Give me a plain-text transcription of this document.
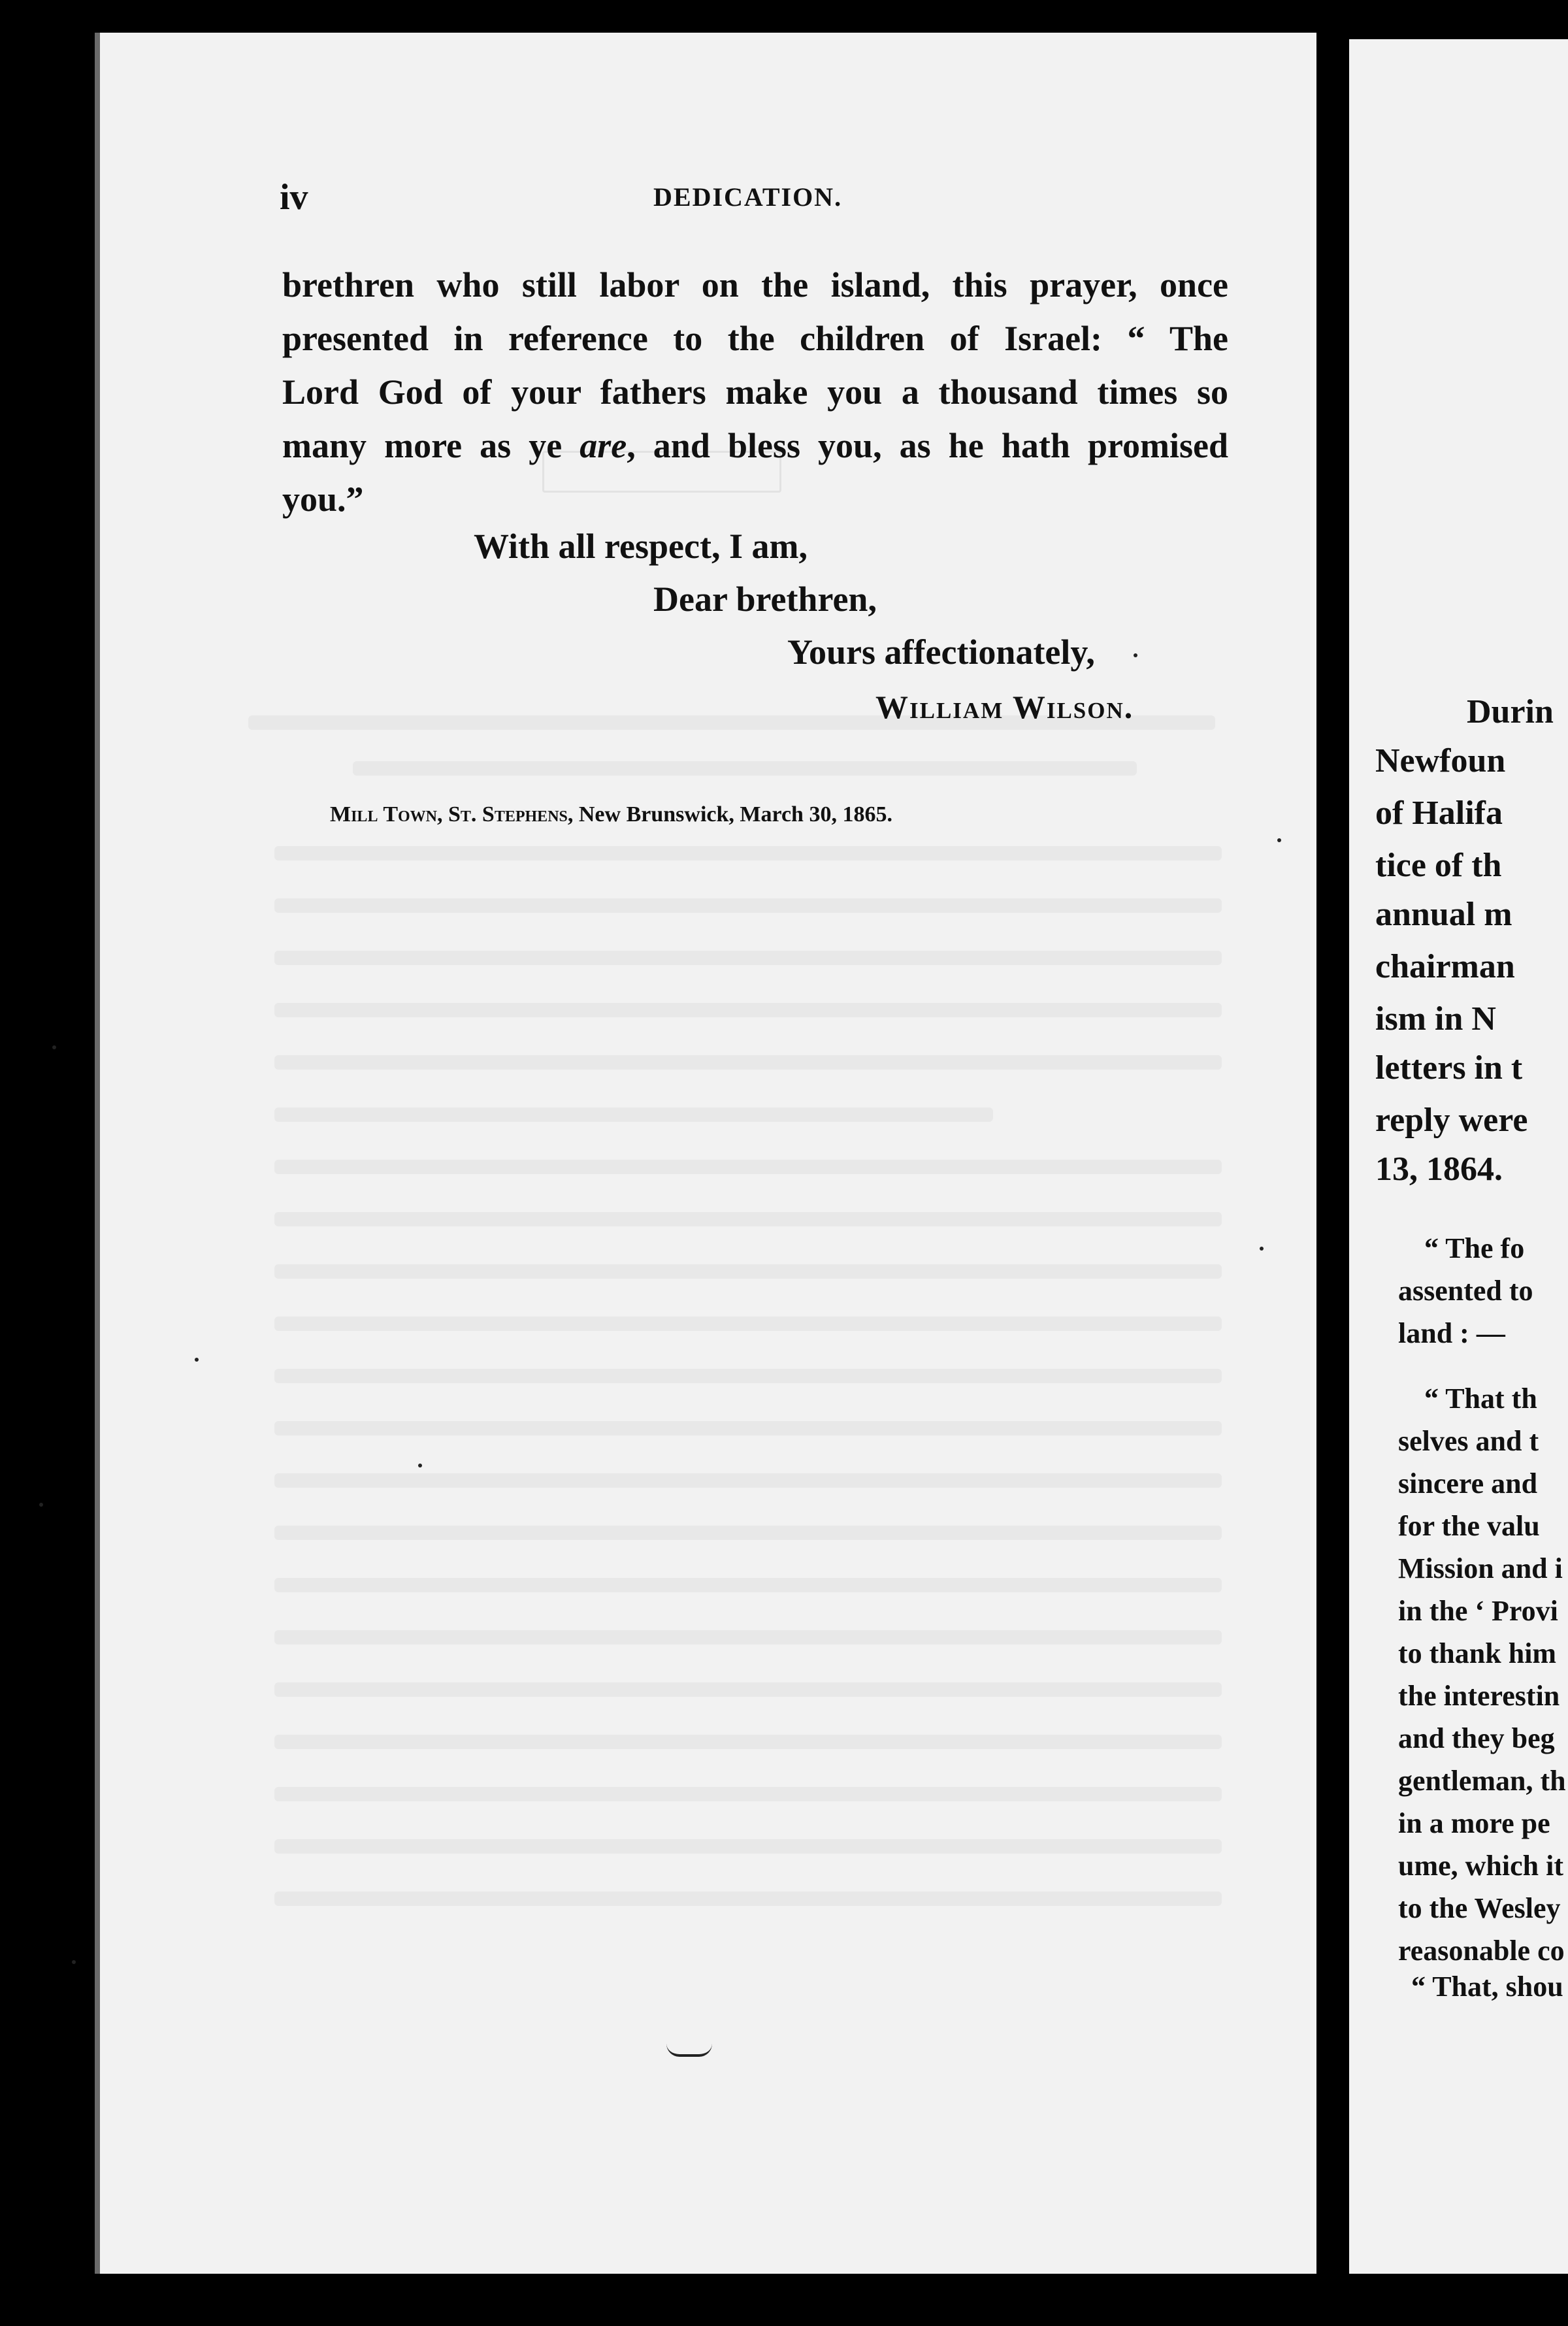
Durin
Newfoun
of Halifa
tice of th
annual m
chairman
ism in N
letters in t
reply were
13, 1864.
“ The fo
assented to
land : —
“ That th
selves and t
sincere and
for the valu
Mission and i
in the ‘ Provi
to thank him
the interestin
and they beg
gentleman, th
in a more pe
ume, which it
to the Wesley
reasonable co
“ That, shou
iv	DEDICATION.
brethren who still labor on the island, this prayer, once
presented in reference to the children of Israel: “ The
Lord God of your fathers make you a thousand times so
many more as ye are, and bless you, as he hath promised
you.”
With all respect, I am,
Dear brethren,
Yours affectionately,
William Wilson.
Mill Town, St. Stephens, New Brunswick, March 30, 1865.
